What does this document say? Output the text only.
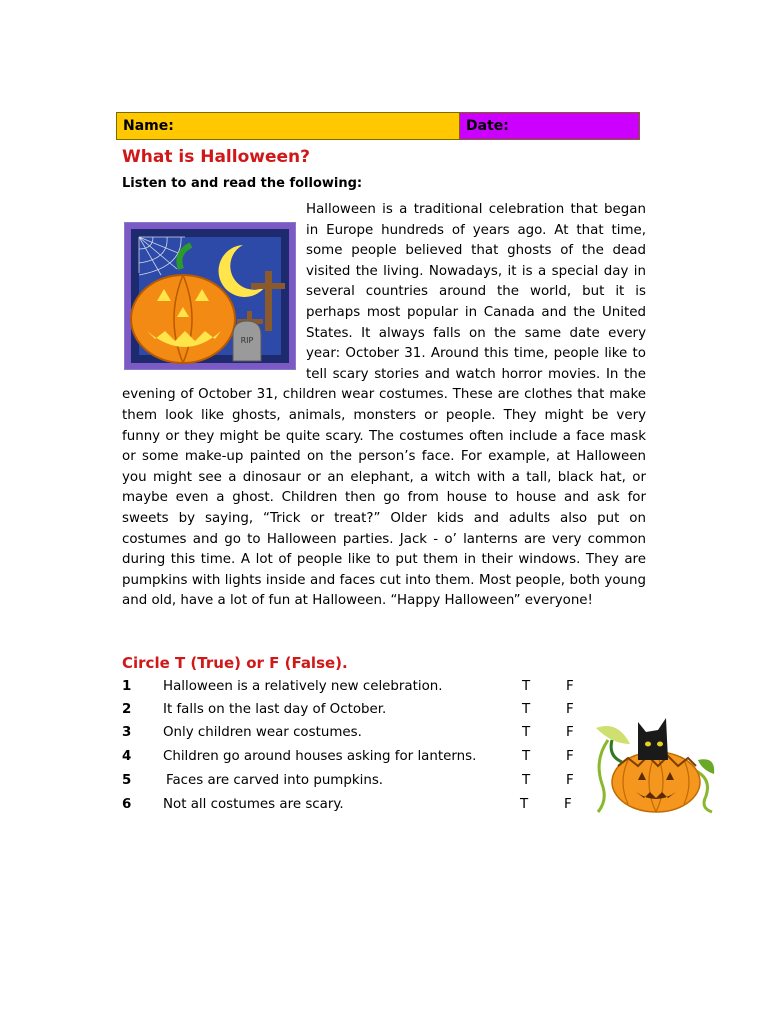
Name:	Date:
What is Halloween?

Listen to and read the following:

RIP
Halloween is a traditional celebration that began in Europe hundreds of years ago. At that time, some people believed that ghosts of the dead visited the living. Nowadays, it is a special day in several countries around the world, but it is perhaps most popular in Canada and the United States. It always falls on the same date every year: October 31. Around this time, people like to tell scary stories and watch horror movies. In the evening of October 31, children wear costumes. These are clothes that make them look like ghosts, animals, monsters or people. They might be very funny or they might be quite scary. The costumes often include a face mask or some make-up painted on the person’s face. For example, at Halloween you might see a dinosaur or an elephant, a witch with a tall, black hat, or maybe even a ghost. Children then go from house to house and ask for sweets by saying, “Trick or treat?” Older kids and adults also put on costumes and go to Halloween parties. Jack - o’ lanterns are very common during this time. A lot of people like to put them in their windows. They are pumpkins with lights inside and faces cut into them. Most people, both young and old, have a lot of fun at Halloween. “Happy Halloween” everyone!
Circle T (True) or F (False).
1 Halloween is a relatively new celebration.	T	F
2 It falls on the last day of October.	T	F
3 Only children wear costumes.	T	F
4 Children go around houses asking for lanterns.	T	F
5	Faces are carved into pumpkins.	T	F
6 Not all costumes are scary.	T	F
